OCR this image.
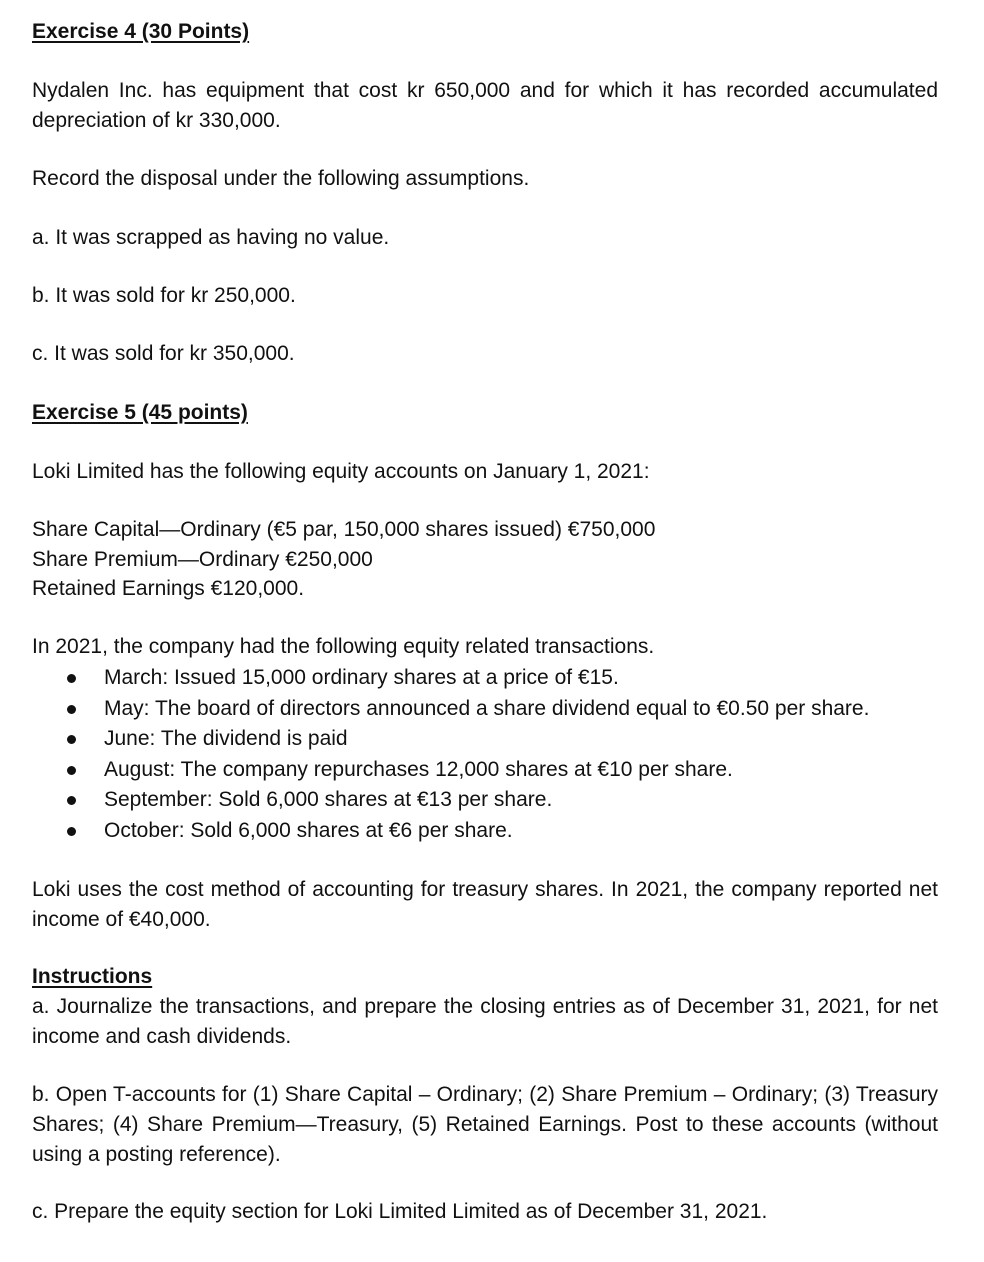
Exercise 4 (30 Points)
Nydalen Inc. has equipment that cost kr 650,000 and for which it has recorded accumulated depreciation of kr 330,000.
Record the disposal under the following assumptions.
a. It was scrapped as having no value.
b. It was sold for kr 250,000.
c. It was sold for kr 350,000.
Exercise 5 (45 points)
Loki Limited has the following equity accounts on January 1, 2021:
Share Capital—Ordinary (€5 par, 150,000 shares issued) €750,000
Share Premium—Ordinary €250,000
Retained Earnings €120,000.
In 2021, the company had the following equity related transactions.
March: Issued 15,000 ordinary shares at a price of €15.
May: The board of directors announced a share dividend equal to €0.50 per share.
June: The dividend is paid
August: The company repurchases 12,000 shares at €10 per share.
September: Sold 6,000 shares at €13 per share.
October: Sold 6,000 shares at €6 per share.
Loki uses the cost method of accounting for treasury shares. In 2021, the company reported net income of €40,000.
Instructions
a. Journalize the transactions, and prepare the closing entries as of December 31, 2021, for net income and cash dividends.
b. Open T-accounts for (1) Share Capital – Ordinary; (2) Share Premium – Ordinary; (3) Treasury Shares; (4) Share Premium—Treasury, (5) Retained Earnings. Post to these accounts (without using a posting reference).
c. Prepare the equity section for Loki Limited Limited as of December 31, 2021.
